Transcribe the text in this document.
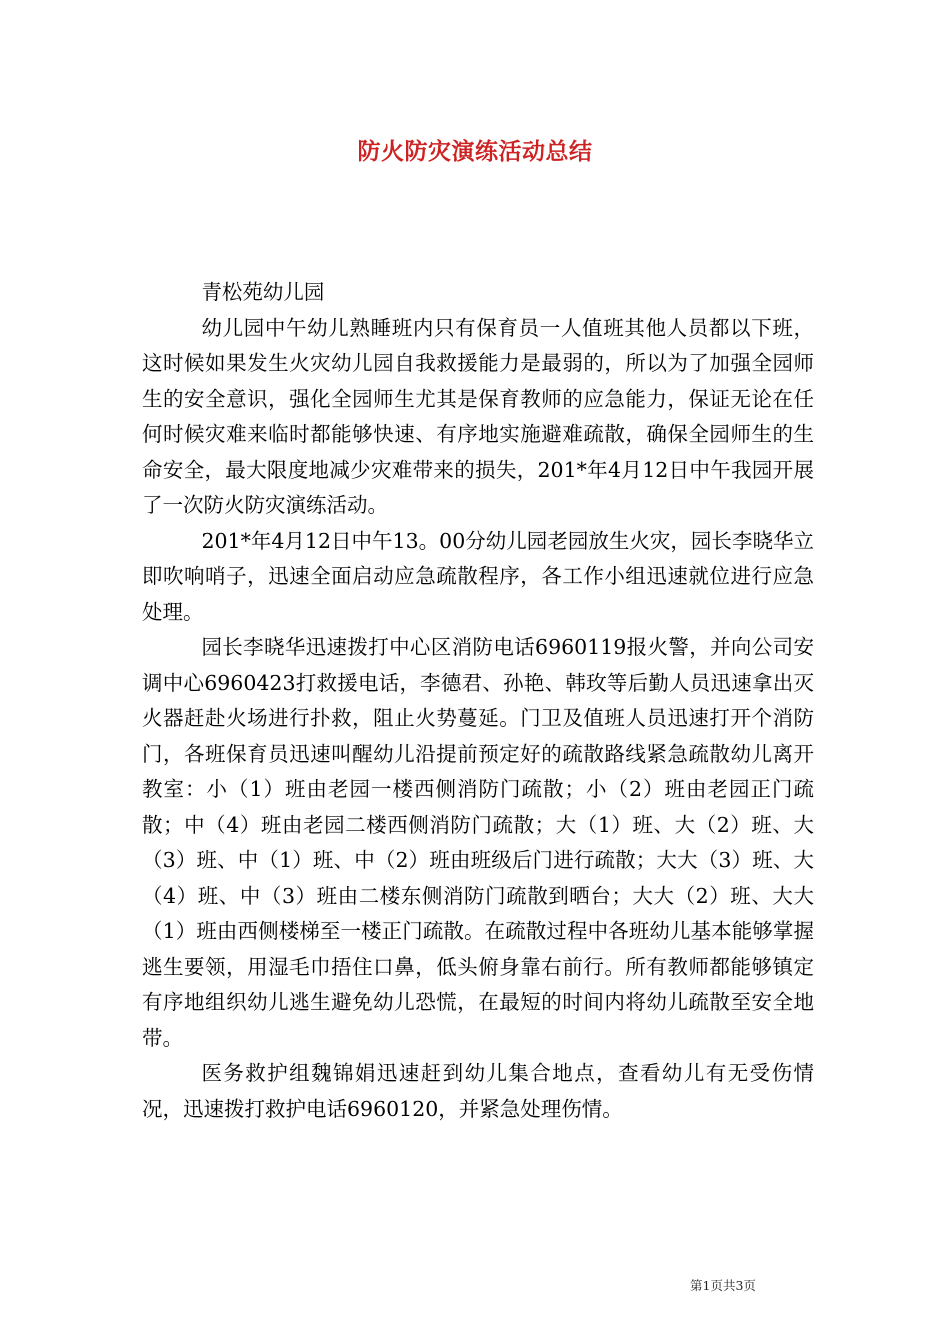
防火防灾演练活动总结

青松苑幼儿园

幼儿园中午幼儿熟睡班内只有保育员一人值班其他人员都以下班，这时候如果发生火灾幼儿园自我救援能力是最弱的，所以为了加强全园师生的安全意识，强化全园师生尤其是保育教师的应急能力，保证无论在任何时候灾难来临时都能够快速、有序地实施避难疏散，确保全园师生的生命安全，最大限度地减少灾难带来的损失，201*年4月12日中午我园开展了一次防火防灾演练活动。

201*年4月12日中午13。00分幼儿园老园放生火灾，园长李晓华立即吹响哨子，迅速全面启动应急疏散程序，各工作小组迅速就位进行应急处理。

园长李晓华迅速拨打中心区消防电话6960119报火警，并向公司安调中心6960423打救援电话，李德君、孙艳、韩玫等后勤人员迅速拿出灭火器赶赴火场进行扑救，阻止火势蔓延。门卫及值班人员迅速打开个消防门，各班保育员迅速叫醒幼儿沿提前预定好的疏散路线紧急疏散幼儿离开教室：小（1）班由老园一楼西侧消防门疏散；小（2）班由老园正门疏散；中（4）班由老园二楼西侧消防门疏散；大（1）班、大（2）班、大（3）班、中（1）班、中（2）班由班级后门进行疏散；大大（3）班、大（4）班、中（3）班由二楼东侧消防门疏散到晒台；大大（2）班、大大（1）班由西侧楼梯至一楼正门疏散。在疏散过程中各班幼儿基本能够掌握逃生要领，用湿毛巾捂住口鼻，低头俯身靠右前行。所有教师都能够镇定有序地组织幼儿逃生避免幼儿恐慌，在最短的时间内将幼儿疏散至安全地带。

医务救护组魏锦娟迅速赶到幼儿集合地点，查看幼儿有无受伤情况，迅速拨打救护电话6960120，并紧急处理伤情。

第1页共3页
